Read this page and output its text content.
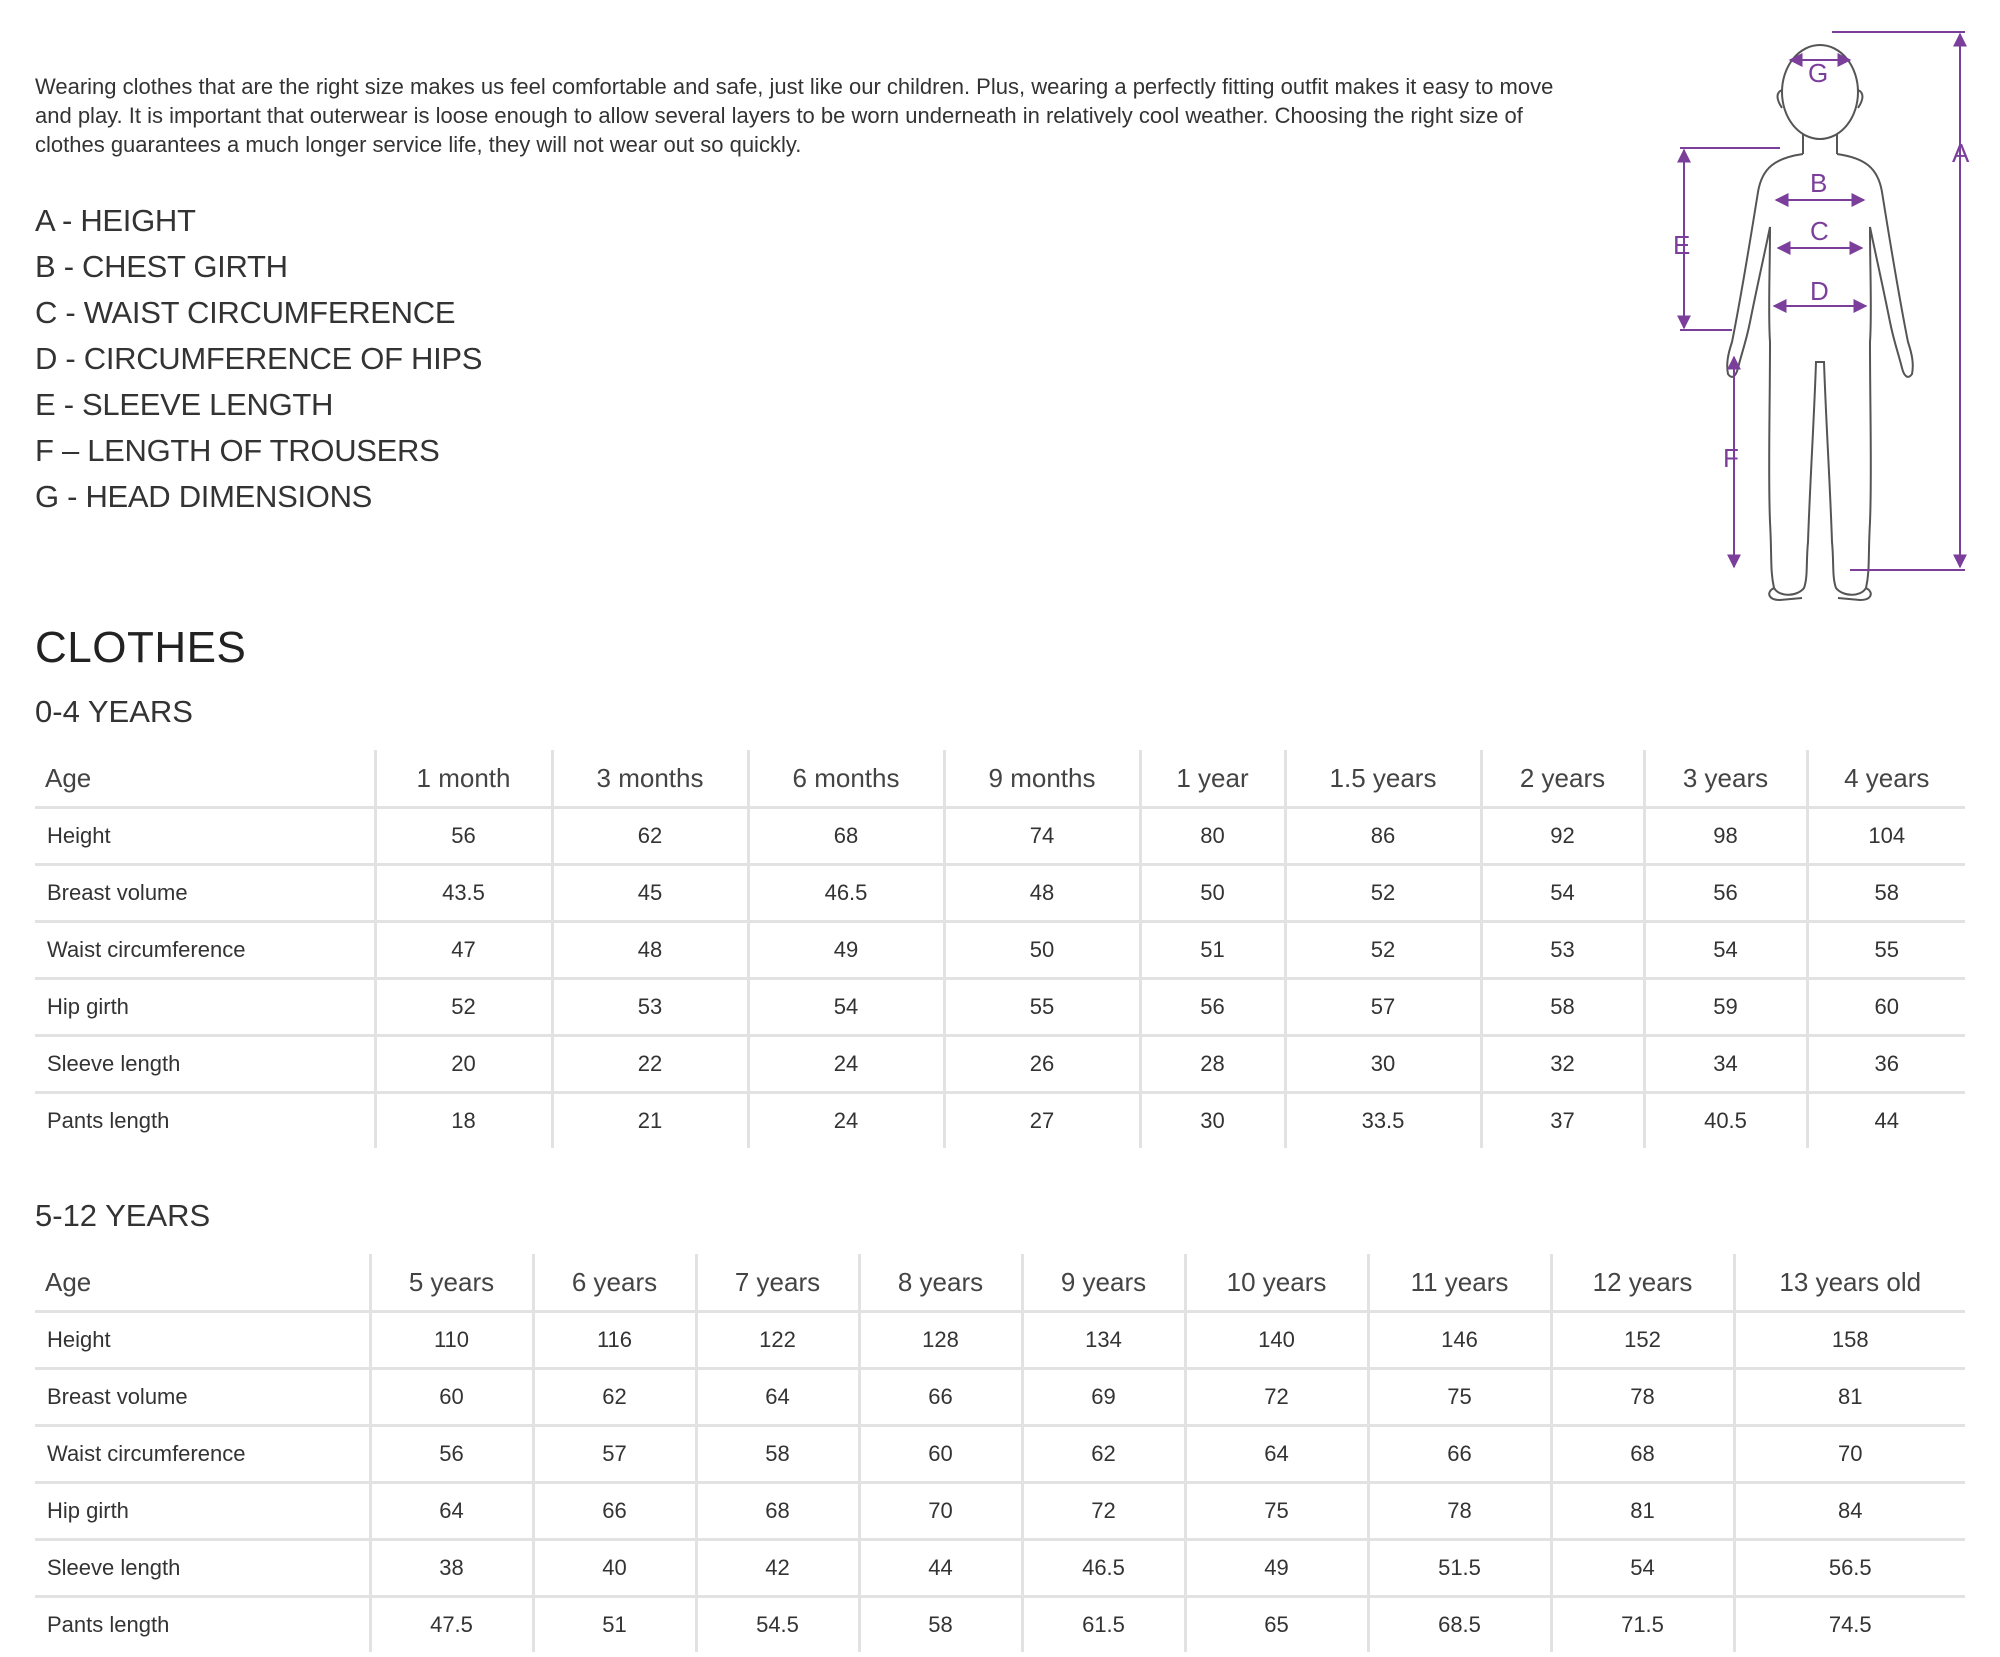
Wearing clothes that are the right size makes us feel comfortable and safe, just like our children. Plus, wearing a perfectly fitting outfit makes it easy to move and play. It is important that outerwear is loose enough to allow several layers to be worn underneath in relatively cool weather. Choosing the right size of clothes guarantees a much longer service life, they will not wear out so quickly.

A - HEIGHT
B - CHEST GIRTH
C - WAIST CIRCUMFERENCE
D - CIRCUMFERENCE OF HIPS
E - SLEEVE LENGTH
F – LENGTH OF TROUSERS
G - HEAD DIMENSIONS
A
G
B
C
D
E
F
CLOTHES
0-4 YEARS
Age	1 month	3 months	6 months	9 months	1 year	1.5 years	2 years	3 years	4 years
Height	56	62	68	74	80	86	92	98	104
Breast volume	43.5	45	46.5	48	50	52	54	56	58
Waist circumference	47	48	49	50	51	52	53	54	55
Hip girth	52	53	54	55	56	57	58	59	60
Sleeve length	20	22	24	26	28	30	32	34	36
Pants length	18	21	24	27	30	33.5	37	40.5	44
5-12 YEARS
Age	5 years	6 years	7 years	8 years	9 years	10 years	11 years	12 years	13 years old
Height	110	116	122	128	134	140	146	152	158
Breast volume	60	62	64	66	69	72	75	78	81
Waist circumference	56	57	58	60	62	64	66	68	70
Hip girth	64	66	68	70	72	75	78	81	84
Sleeve length	38	40	42	44	46.5	49	51.5	54	56.5
Pants length	47.5	51	54.5	58	61.5	65	68.5	71.5	74.5
